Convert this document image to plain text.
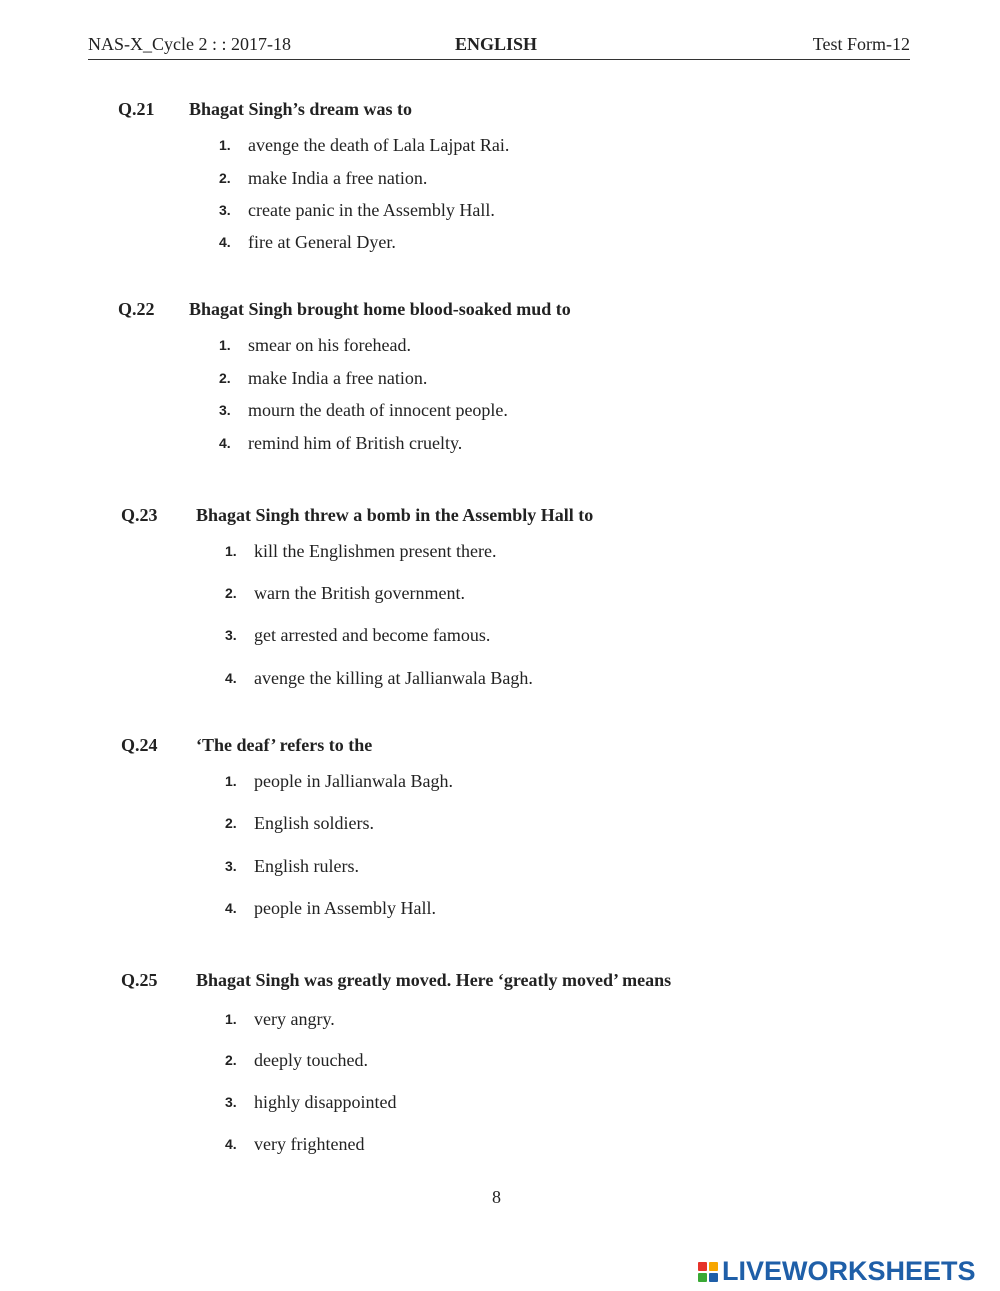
NAS-X_Cycle 2 : : 2017-18	ENGLISH	Test Form-12
Q.21 Bhagat Singh’s dream was to
1. avenge the death of Lala Lajpat Rai.
2. make India a free nation.
3. create panic in the Assembly Hall.
4. fire at General Dyer.
Q.22 Bhagat Singh brought home blood-soaked mud to
1. smear on his forehead.
2. make India a free nation.
3. mourn the death of innocent people.
4. remind him of British cruelty.
Q.23 Bhagat Singh threw a bomb in the Assembly Hall to
1. kill the Englishmen present there.
2. warn the British government.
3. get arrested and become famous.
4. avenge the killing at Jallianwala Bagh.
Q.24 ‘The deaf’ refers to the
1. people in Jallianwala Bagh.
2. English soldiers.
3. English rulers.
4. people in Assembly Hall.
Q.25 Bhagat Singh was greatly moved. Here ‘greatly moved’ means
1. very angry.
2. deeply touched.
3. highly disappointed
4. very frightened
8
LIVEWORKSHEETS
